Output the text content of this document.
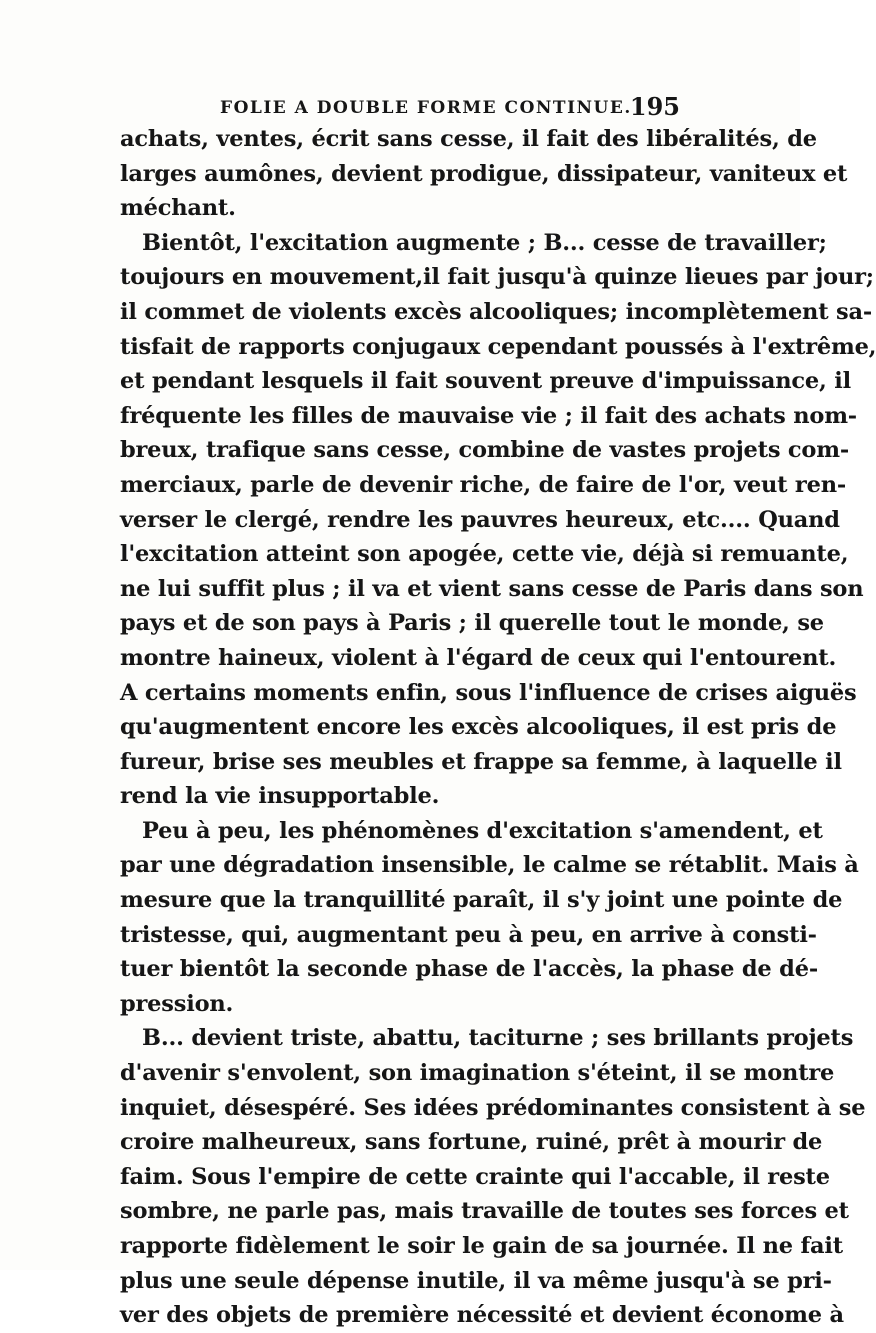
FOLIE A DOUBLE FORME CONTINUE.
195
achats, ventes, écrit sans cesse, il fait des libéralités, de
larges aumônes, devient prodigue, dissipateur, vaniteux et
méchant.
Bientôt, l'excitation augmente ; B... cesse de travailler;
toujours en mouvement,il fait jusqu'à quinze lieues par jour;
il commet de violents excès alcooliques; incomplètement sa-
tisfait de rapports conjugaux cependant poussés à l'extrême,
et pendant lesquels il fait souvent preuve d'impuissance, il
fréquente les filles de mauvaise vie ; il fait des achats nom-
breux, trafique sans cesse, combine de vastes projets com-
merciaux, parle de devenir riche, de faire de l'or, veut ren-
verser le clergé, rendre les pauvres heureux, etc.... Quand
l'excitation atteint son apogée, cette vie, déjà si remuante,
ne lui suffit plus ; il va et vient sans cesse de Paris dans son
pays et de son pays à Paris ; il querelle tout le monde, se
montre haineux, violent à l'égard de ceux qui l'entourent.
A certains moments enfin, sous l'influence de crises aiguës
qu'augmentent encore les excès alcooliques, il est pris de
fureur, brise ses meubles et frappe sa femme, à laquelle il
rend la vie insupportable.
Peu à peu, les phénomènes d'excitation s'amendent, et
par une dégradation insensible, le calme se rétablit. Mais à
mesure que la tranquillité paraît, il s'y joint une pointe de
tristesse, qui, augmentant peu à peu, en arrive à consti-
tuer bientôt la seconde phase de l'accès, la phase de dé-
pression.
B... devient triste, abattu, taciturne ; ses brillants projets
d'avenir s'envolent, son imagination s'éteint, il se montre
inquiet, désespéré. Ses idées prédominantes consistent à se
croire malheureux, sans fortune, ruiné, prêt à mourir de
faim. Sous l'empire de cette crainte qui l'accable, il reste
sombre, ne parle pas, mais travaille de toutes ses forces et
rapporte fidèlement le soir le gain de sa journée. Il ne fait
plus une seule dépense inutile, il va même jusqu'à se pri-
ver des objets de première nécessité et devient économe à
